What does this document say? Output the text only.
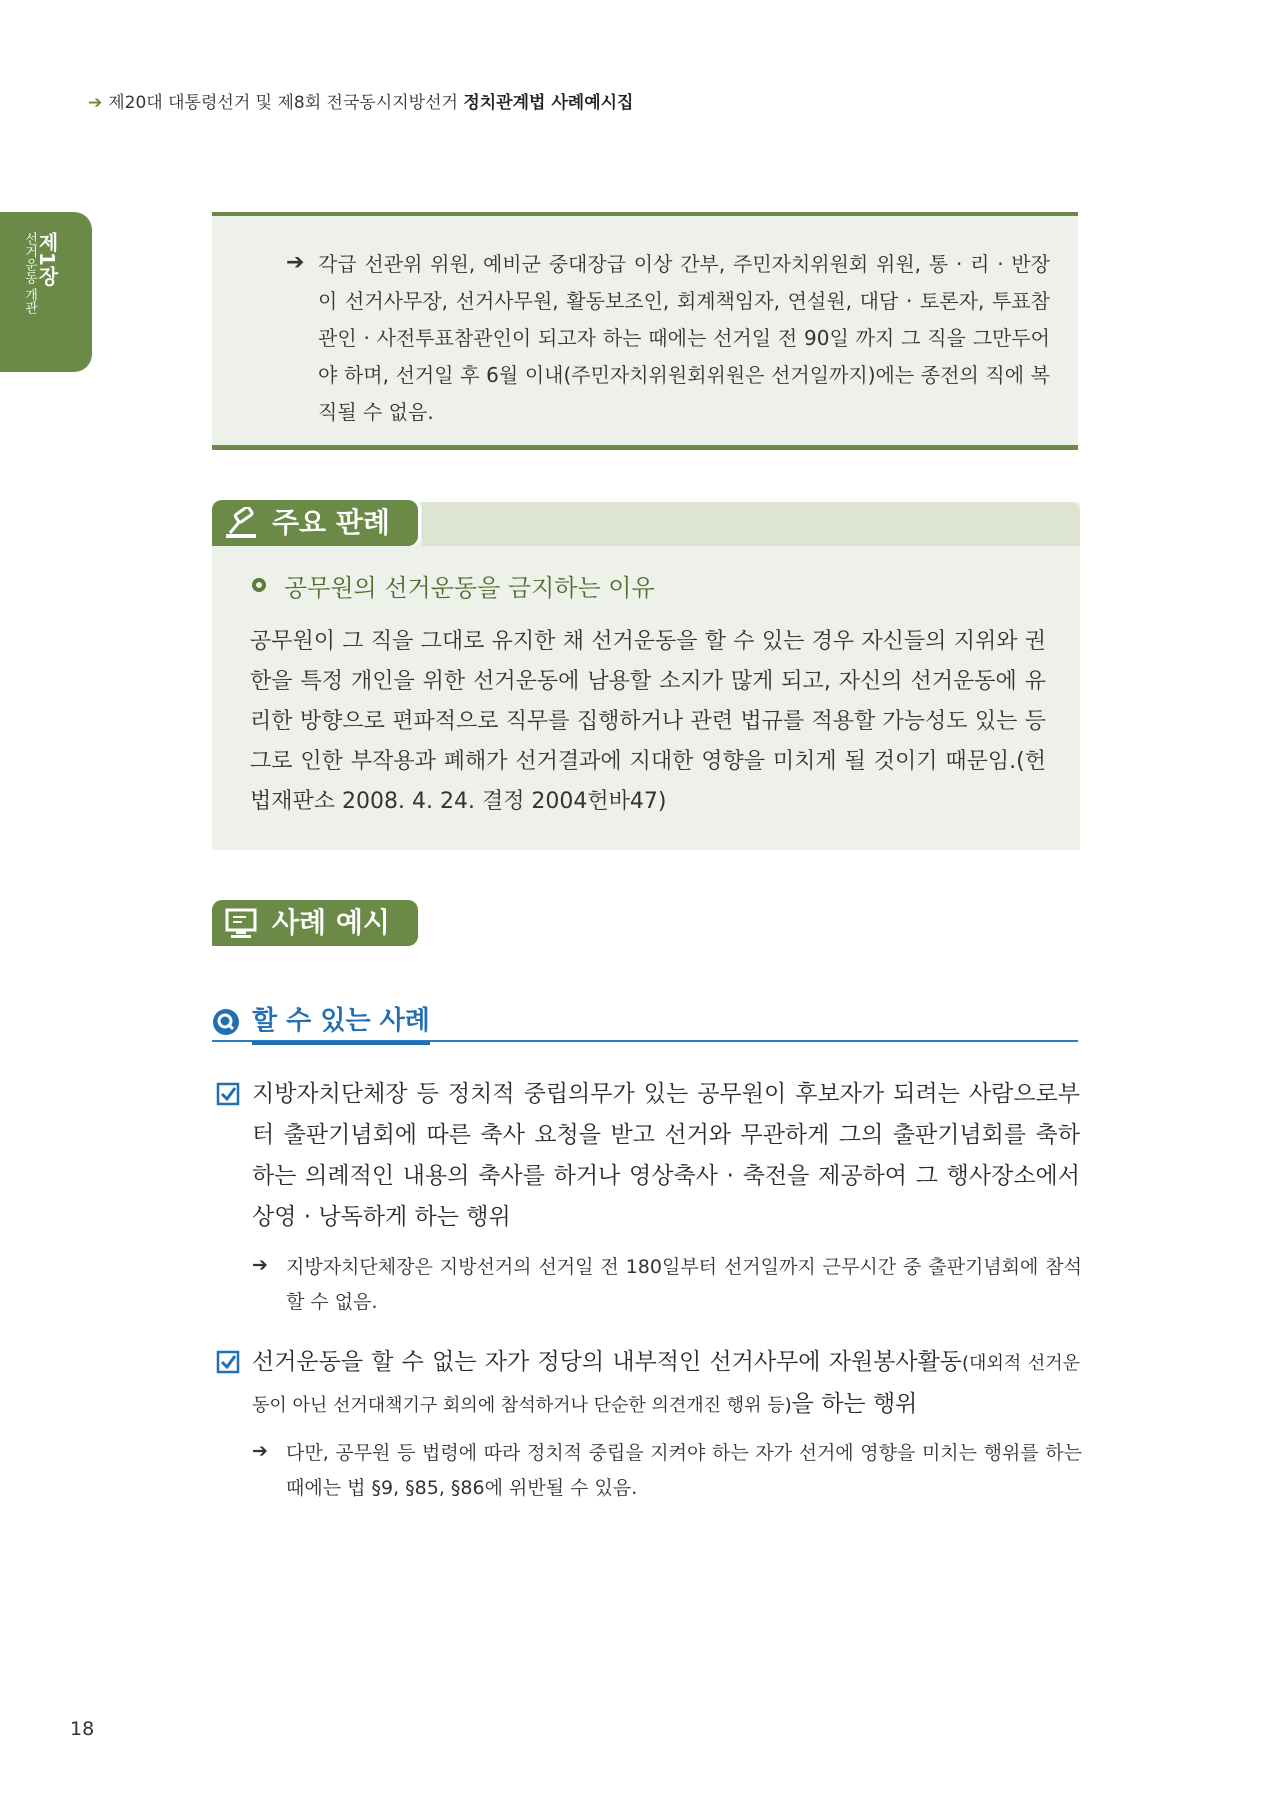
➔ 제20대 대통령선거 및 제8회 전국동시지방선거 정치관계법 사례예시집
제1장
선거운동 개관	➔ 각급 선관위 위원, 예비군 중대장급 이상 간부, 주민자치위원회 위원, 통 · 리 · 반장이 선거사무장, 선거사무원, 활동보조인, 회계책임자, 연설원, 대담 · 토론자, 투표참관인 · 사전투표참관인이 되고자 하는 때에는 선거일 전 90일 까지 그 직을 그만두어야 하며, 선거일 후 6월 이내(주민자치위원회위원은 선거일까지)에는 종전의 직에 복직될 수 없음.
주요 판례
공무원의 선거운동을 금지하는 이유
공무원이 그 직을 그대로 유지한 채 선거운동을 할 수 있는 경우 자신들의 지위와 권한을 특정 개인을 위한 선거운동에 남용할 소지가 많게 되고, 자신의 선거운동에 유리한 방향으로 편파적으로 직무를 집행하거나 관련 법규를 적용할 가능성도 있는 등 그로 인한 부작용과 폐해가 선거결과에 지대한 영향을 미치게 될 것이기 때문임.(헌법재판소 2008. 4. 24. 결정 2004헌바47)
사례 예시
할 수 있는 사례
지방자치단체장 등 정치적 중립의무가 있는 공무원이 후보자가 되려는 사람으로부터 출판기념회에 따른 축사 요청을 받고 선거와 무관하게 그의 출판기념회를 축하하는 의례적인 내용의 축사를 하거나 영상축사 · 축전을 제공하여 그 행사장소에서 상영 · 낭독하게 하는 행위
➔ 지방자치단체장은 지방선거의 선거일 전 180일부터 선거일까지 근무시간 중 출판기념회에 참석할 수 없음.
선거운동을 할 수 없는 자가 정당의 내부적인 선거사무에 자원봉사활동(대외적 선거운동이 아닌 선거대책기구 회의에 참석하거나 단순한 의견개진 행위 등)을 하는 행위
➔ 다만, 공무원 등 법령에 따라 정치적 중립을 지켜야 하는 자가 선거에 영향을 미치는 행위를 하는 때에는 법 §9, §85, §86에 위반될 수 있음.
18
